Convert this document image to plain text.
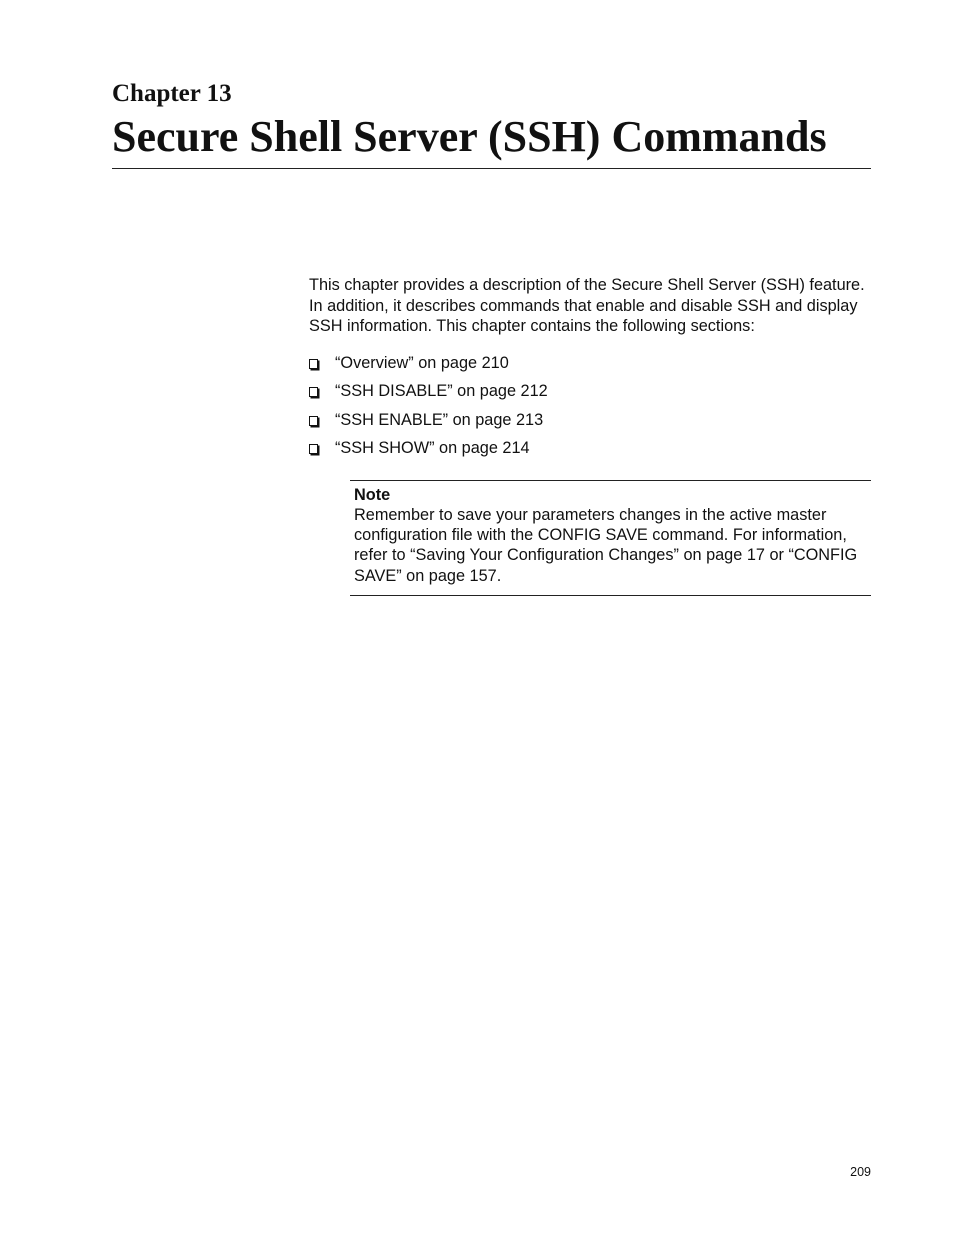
Chapter 13
Secure Shell Server (SSH) Commands

This chapter provides a description of the Secure Shell Server (SSH) feature. In addition, it describes commands that enable and disable SSH and display SSH information. This chapter contains the following sections:

“Overview” on page 210
“SSH DISABLE” on page 212
“SSH ENABLE” on page 213
“SSH SHOW” on page 214

Note

Remember to save your parameters changes in the active master configuration file with the CONFIG SAVE command. For information, refer to “Saving Your Configuration Changes” on page 17 or “CONFIG SAVE” on page 157.

209
